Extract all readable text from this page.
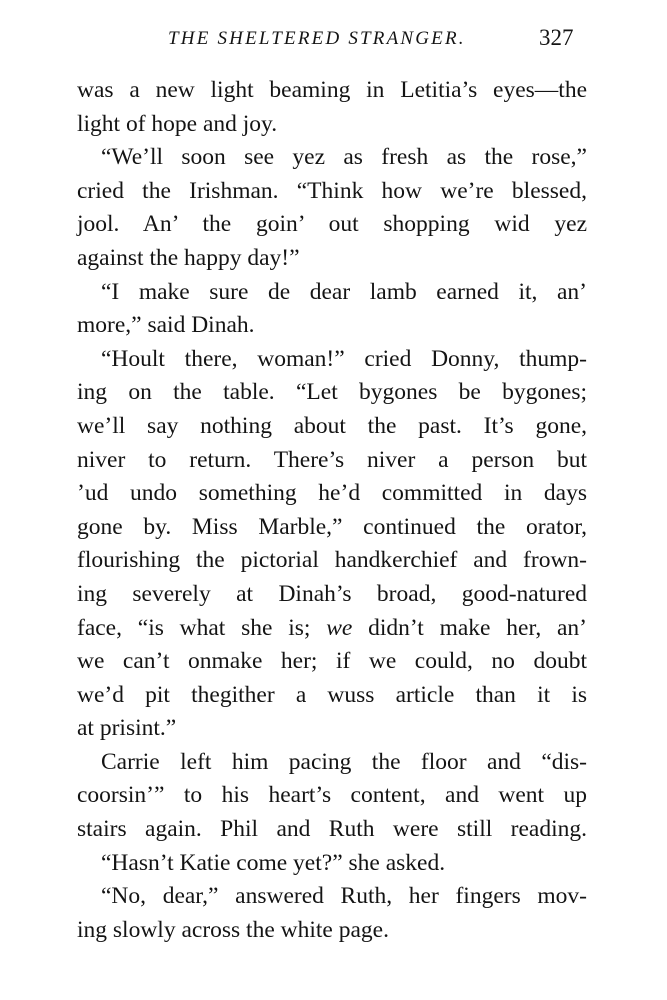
THE SHELTERED STRANGER.	327
was a new light beaming in Letitia’s eyes—the
light of hope and joy.
“We’ll soon see yez as fresh as the rose,”
cried the Irishman. “Think how we’re blessed,
jool. An’ the goin’ out shopping wid yez
against the happy day!”
“I make sure de dear lamb earned it, an’
more,” said Dinah.
“Hoult there, woman!” cried Donny, thump-
ing on the table. “Let bygones be bygones;
we’ll say nothing about the past. It’s gone,
niver to return. There’s niver a person but
’ud undo something he’d committed in days
gone by. Miss Marble,” continued the orator,
flourishing the pictorial handkerchief and frown-
ing severely at Dinah’s broad, good-natured
face, “is what she is; we didn’t make her, an’
we can’t onmake her; if we could, no doubt
we’d pit thegither a wuss article than it is
at prisint.”
Carrie left him pacing the floor and “dis-
coorsin’” to his heart’s content, and went up
stairs again. Phil and Ruth were still reading.
“Hasn’t Katie come yet?” she asked.
“No, dear,” answered Ruth, her fingers mov-
ing slowly across the white page.
